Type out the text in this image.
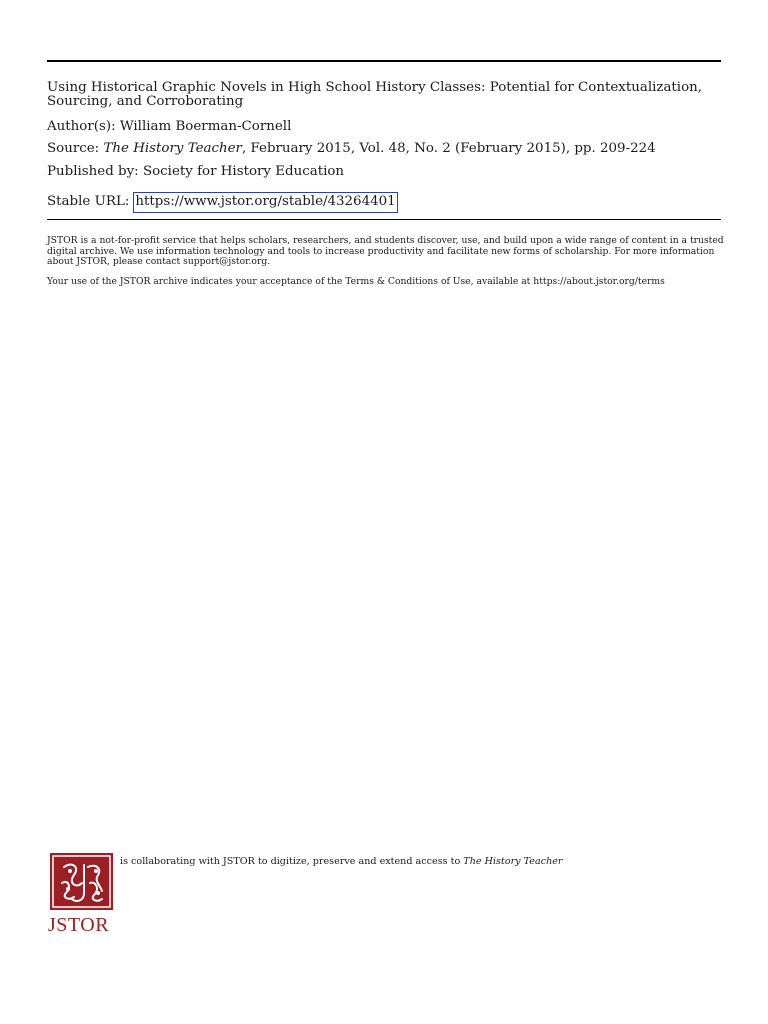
Using Historical Graphic Novels in High School History Classes: Potential for Contextualization, Sourcing, and Corroborating
Author(s): William Boerman-Cornell
Source: The History Teacher, February 2015, Vol. 48, No. 2 (February 2015), pp. 209-224
Published by: Society for History Education
Stable URL: https://www.jstor.org/stable/43264401
JSTOR is a not-for-profit service that helps scholars, researchers, and students discover, use, and build upon a wide range of content in a trusted digital archive. We use information technology and tools to increase productivity and facilitate new forms of scholarship. For more information about JSTOR, please contact support@jstor.org.
Your use of the JSTOR archive indicates your acceptance of the Terms & Conditions of Use, available at https://about.jstor.org/terms
JSTOR
is collaborating with JSTOR to digitize, preserve and extend access to The History Teacher
